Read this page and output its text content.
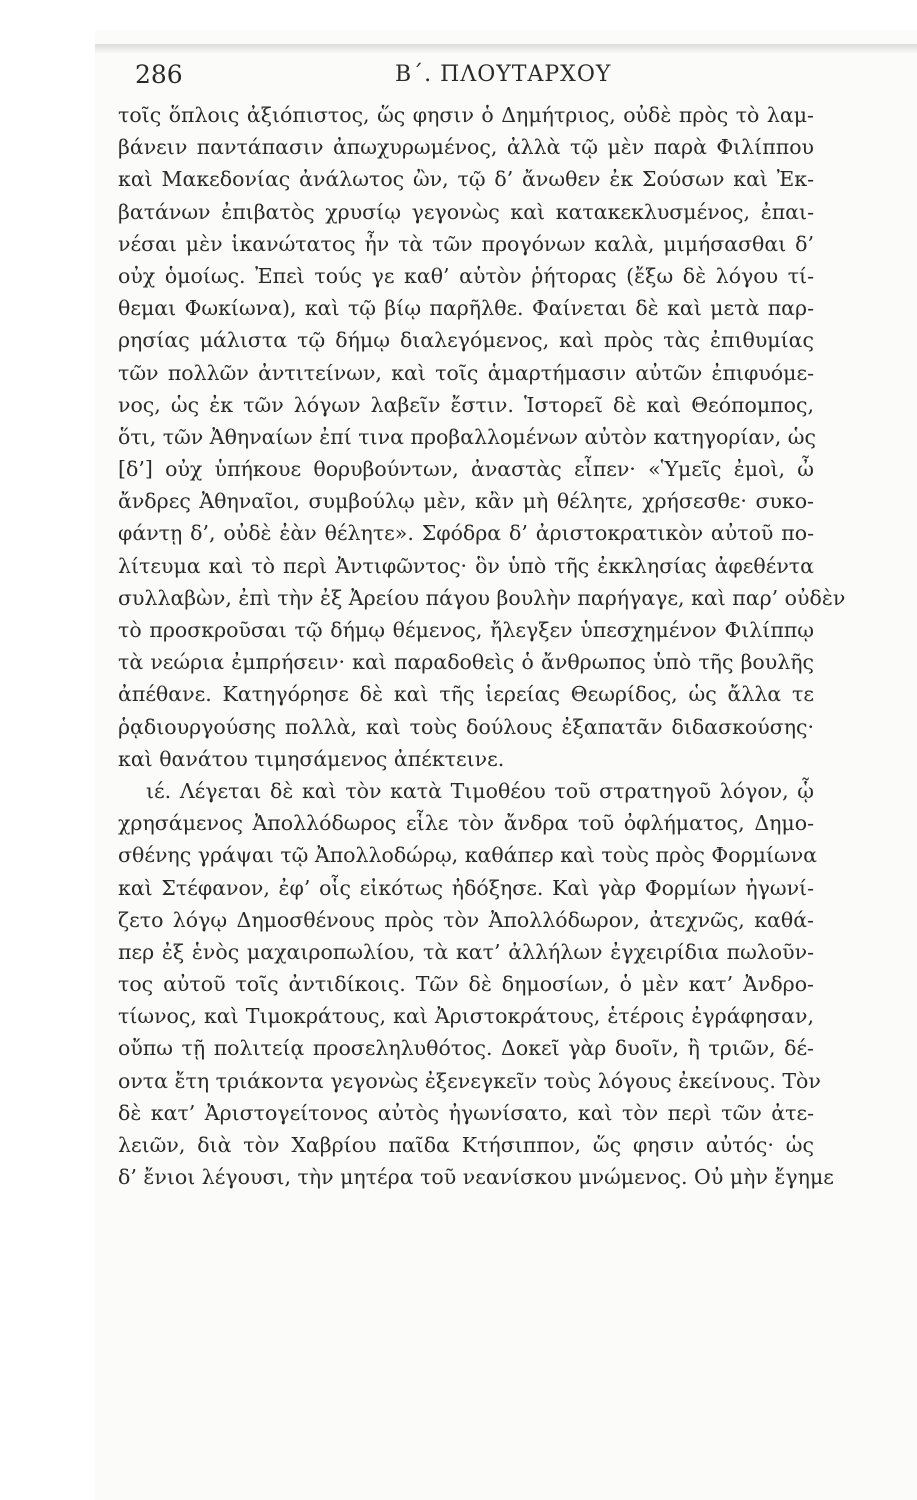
286	Β΄. ΠΛΟΥΤΑΡΧΟΥ
τοῖς ὅπλοις ἀξιόπιστος, ὥς φησιν ὁ Δημήτριος, οὐδὲ πρὸς τὸ λαμ-
βάνειν παντάπασιν ἀπωχυρωμένος, ἀλλὰ τῷ μὲν παρὰ Φιλίππου
καὶ Μακεδονίας ἀνάλωτος ὢν, τῷ δ’ ἄνωθεν ἐκ Σούσων καὶ Ἐκ-
βατάνων ἐπιβατὸς χρυσίῳ γεγονὼς καὶ κατακεκλυσμένος, ἐπαι-
νέσαι μὲν ἱκανώτατος ἦν τὰ τῶν προγόνων καλὰ, μιμήσασθαι δ’
οὐχ ὁμοίως. Ἐπεὶ τούς γε καθ’ αὑτὸν ῥήτορας (ἔξω δὲ λόγου τί-
θεμαι Φωκίωνα), καὶ τῷ βίῳ παρῆλθε. Φαίνεται δὲ καὶ μετὰ παρ-
ρησίας μάλιστα τῷ δήμῳ διαλεγόμενος, καὶ πρὸς τὰς ἐπιθυμίας
τῶν πολλῶν ἀντιτείνων, καὶ τοῖς ἁμαρτήμασιν αὐτῶν ἐπιφυόμε-
νος, ὡς ἐκ τῶν λόγων λαβεῖν ἔστιν. Ἱστορεῖ δὲ καὶ Θεόπομπος,
ὅτι, τῶν Ἀθηναίων ἐπί τινα προβαλλομένων αὐτὸν κατηγορίαν, ὡς
[δ’] οὐχ ὑπήκουε θορυβούντων, ἀναστὰς εἶπεν· «Ὑμεῖς ἐμοὶ, ὦ
ἄνδρες Ἀθηναῖοι, συμβούλῳ μὲν, κἂν μὴ θέλητε, χρήσεσθε· συκο-
φάντῃ δ’, οὐδὲ ἐὰν θέλητε». Σφόδρα δ’ ἀριστοκρατικὸν αὐτοῦ πο-
λίτευμα καὶ τὸ περὶ Ἀντιφῶντος· ὃν ὑπὸ τῆς ἐκκλησίας ἀφεθέντα
συλλαβὼν, ἐπὶ τὴν ἐξ Ἀρείου πάγου βουλὴν παρήγαγε, καὶ παρ’ οὐδὲν
τὸ προσκροῦσαι τῷ δήμῳ θέμενος, ἤλεγξεν ὑπεσχημένον Φιλίππῳ
τὰ νεώρια ἐμπρήσειν· καὶ παραδοθεὶς ὁ ἄνθρωπος ὑπὸ τῆς βουλῆς
ἀπέθανε. Κατηγόρησε δὲ καὶ τῆς ἱερείας Θεωρίδος, ὡς ἄλλα τε
ῥᾳδιουργούσης πολλὰ, καὶ τοὺς δούλους ἐξαπατᾶν διδασκούσης·
καὶ θανάτου τιμησάμενος ἀπέκτεινε.
ιέ. Λέγεται δὲ καὶ τὸν κατὰ Τιμοθέου τοῦ στρατηγοῦ λόγον, ᾧ
χρησάμενος Ἀπολλόδωρος εἷλε τὸν ἄνδρα τοῦ ὀφλήματος, Δημο-
σθένης γράψαι τῷ Ἀπολλοδώρῳ, καθάπερ καὶ τοὺς πρὸς Φορμίωνα
καὶ Στέφανον, ἐφ’ οἷς εἰκότως ἠδόξησε. Καὶ γὰρ Φορμίων ἠγωνί-
ζετο λόγῳ Δημοσθένους πρὸς τὸν Ἀπολλόδωρον, ἀτεχνῶς, καθά-
περ ἐξ ἑνὸς μαχαιροπωλίου, τὰ κατ’ ἀλλήλων ἐγχειρίδια πωλοῦν-
τος αὐτοῦ τοῖς ἀντιδίκοις. Τῶν δὲ δημοσίων, ὁ μὲν κατ’ Ἀνδρο-
τίωνος, καὶ Τιμοκράτους, καὶ Ἀριστοκράτους, ἑτέροις ἐγράφησαν,
οὔπω τῇ πολιτείᾳ προσεληλυθότος. Δοκεῖ γὰρ δυοῖν, ἢ τριῶν, δέ-
οντα ἔτη τριάκοντα γεγονὼς ἐξενεγκεῖν τοὺς λόγους ἐκείνους. Τὸν
δὲ κατ’ Ἀριστογείτονος αὐτὸς ἠγωνίσατο, καὶ τὸν περὶ τῶν ἀτε-
λειῶν, διὰ τὸν Χαβρίου παῖδα Κτήσιππον, ὥς φησιν αὐτός· ὡς
δ’ ἔνιοι λέγουσι, τὴν μητέρα τοῦ νεανίσκου μνώμενος. Οὐ μὴν ἔγημε
